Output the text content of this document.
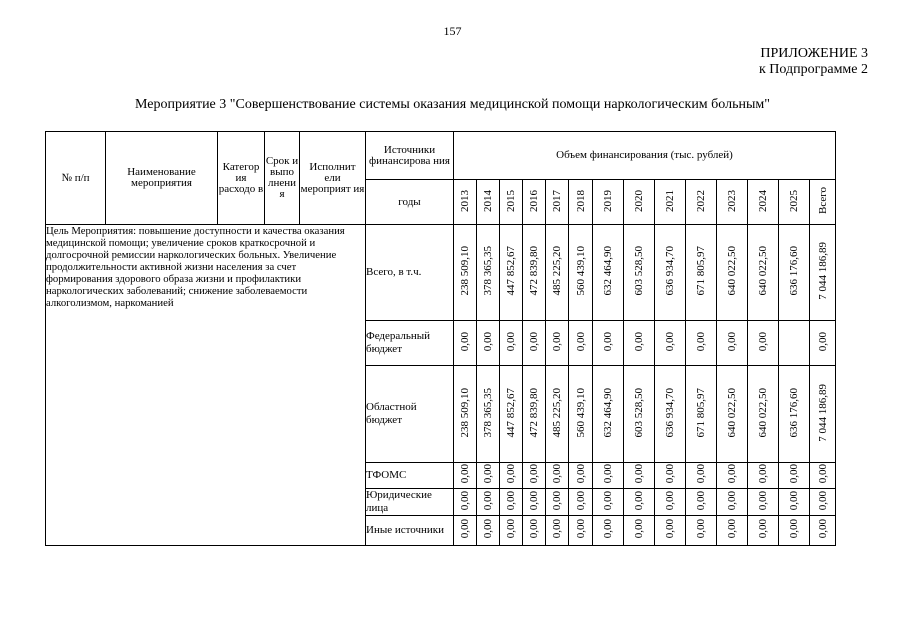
157
ПРИЛОЖЕНИЕ 3
к Подпрограмме 2
Мероприятие 3 "Совершенствование системы оказания медицинской помощи наркологическим больным"
№ п/п	Наименование мероприятия	Категор ия расходо в	Срок и выпо лнени я	Исполнит ели мероприят ия	Источники финансирова ния	Объем финансирования (тыс. рублей)													
					годы	2013	2014	2015	2016	2017	2018	2019	2020	2021	2022	2023	2024	2025	Всего
Цель Мероприятия: повышение доступности и качества оказания медицинской помощи; увеличение сроков краткосрочной и долгосрочной ремиссии наркологических больных. Увеличение продолжительности активной жизни населения за счет формирования здорового образа жизни и профилактики наркологических заболеваний; снижение заболеваемости алкоголизмом, наркоманией					Всего, в т.ч.	238 509,10	378 365,35	447 852,67	472 839,80	485 225,20	560 439,10	632 464,90	603 528,50	636 934,70	671 805,97	640 022,50	640 022,50	636 176,60	7 044 186,89
					Федеральный бюджет	0,00	0,00	0,00	0,00	0,00	0,00	0,00	0,00	0,00	0,00	0,00	0,00		0,00
					Областной бюджет	238 509,10	378 365,35	447 852,67	472 839,80	485 225,20	560 439,10	632 464,90	603 528,50	636 934,70	671 805,97	640 022,50	640 022,50	636 176,60	7 044 186,89
					ТФОМС	0,00	0,00	0,00	0,00	0,00	0,00	0,00	0,00	0,00	0,00	0,00	0,00	0,00	0,00
					Юридические лица	0,00	0,00	0,00	0,00	0,00	0,00	0,00	0,00	0,00	0,00	0,00	0,00	0,00	0,00
					Иные источники	0,00	0,00	0,00	0,00	0,00	0,00	0,00	0,00	0,00	0,00	0,00	0,00	0,00	0,00
